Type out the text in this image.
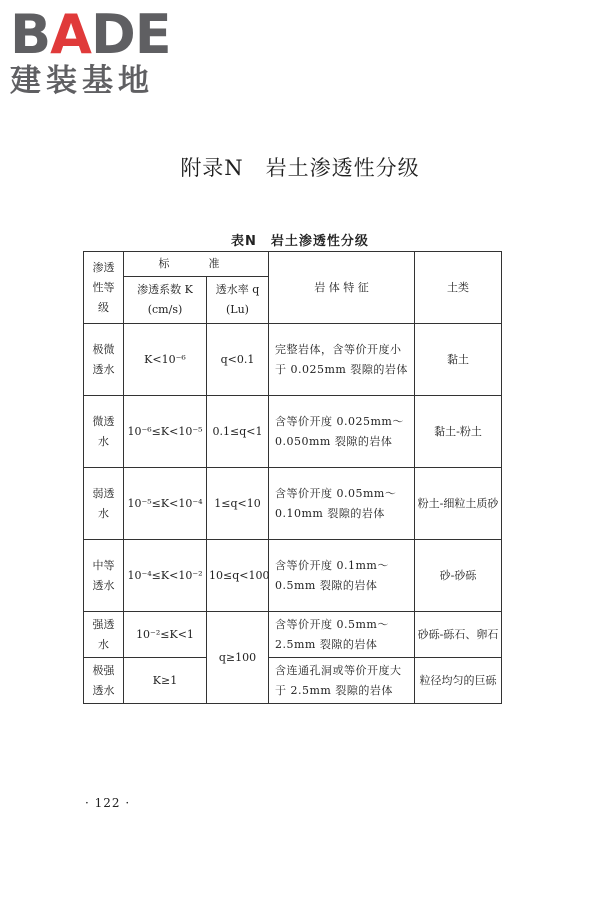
BADE
建装基地
附录N　岩土渗透性分级
表N　岩土渗透性分级
渗透性等级	标　准		岩 体 特 征	土类
	渗透系数 K (cm/s)	透水率 q (Lu)		
极微透水	K<10⁻⁶	q<0.1	完整岩体，含等价开度小于 0.025mm 裂隙的岩体	黏土
微透水	10⁻⁶≤K<10⁻⁵	0.1≤q<1	含等价开度 0.025mm～0.050mm 裂隙的岩体	黏土-粉土
弱透水	10⁻⁵≤K<10⁻⁴	1≤q<10	含等价开度 0.05mm～0.10mm 裂隙的岩体	粉土-细粒土质砂
中等透水	10⁻⁴≤K<10⁻²	10≤q<100	含等价开度 0.1mm～0.5mm 裂隙的岩体	砂-砂砾
强透水	10⁻²≤K<1	q≥100	含等价开度 0.5mm～2.5mm 裂隙的岩体	砂砾-砾石、卵石
极强透水	K≥1		含连通孔洞或等价开度大于 2.5mm 裂隙的岩体	粒径均匀的巨砾
· 122 ·
